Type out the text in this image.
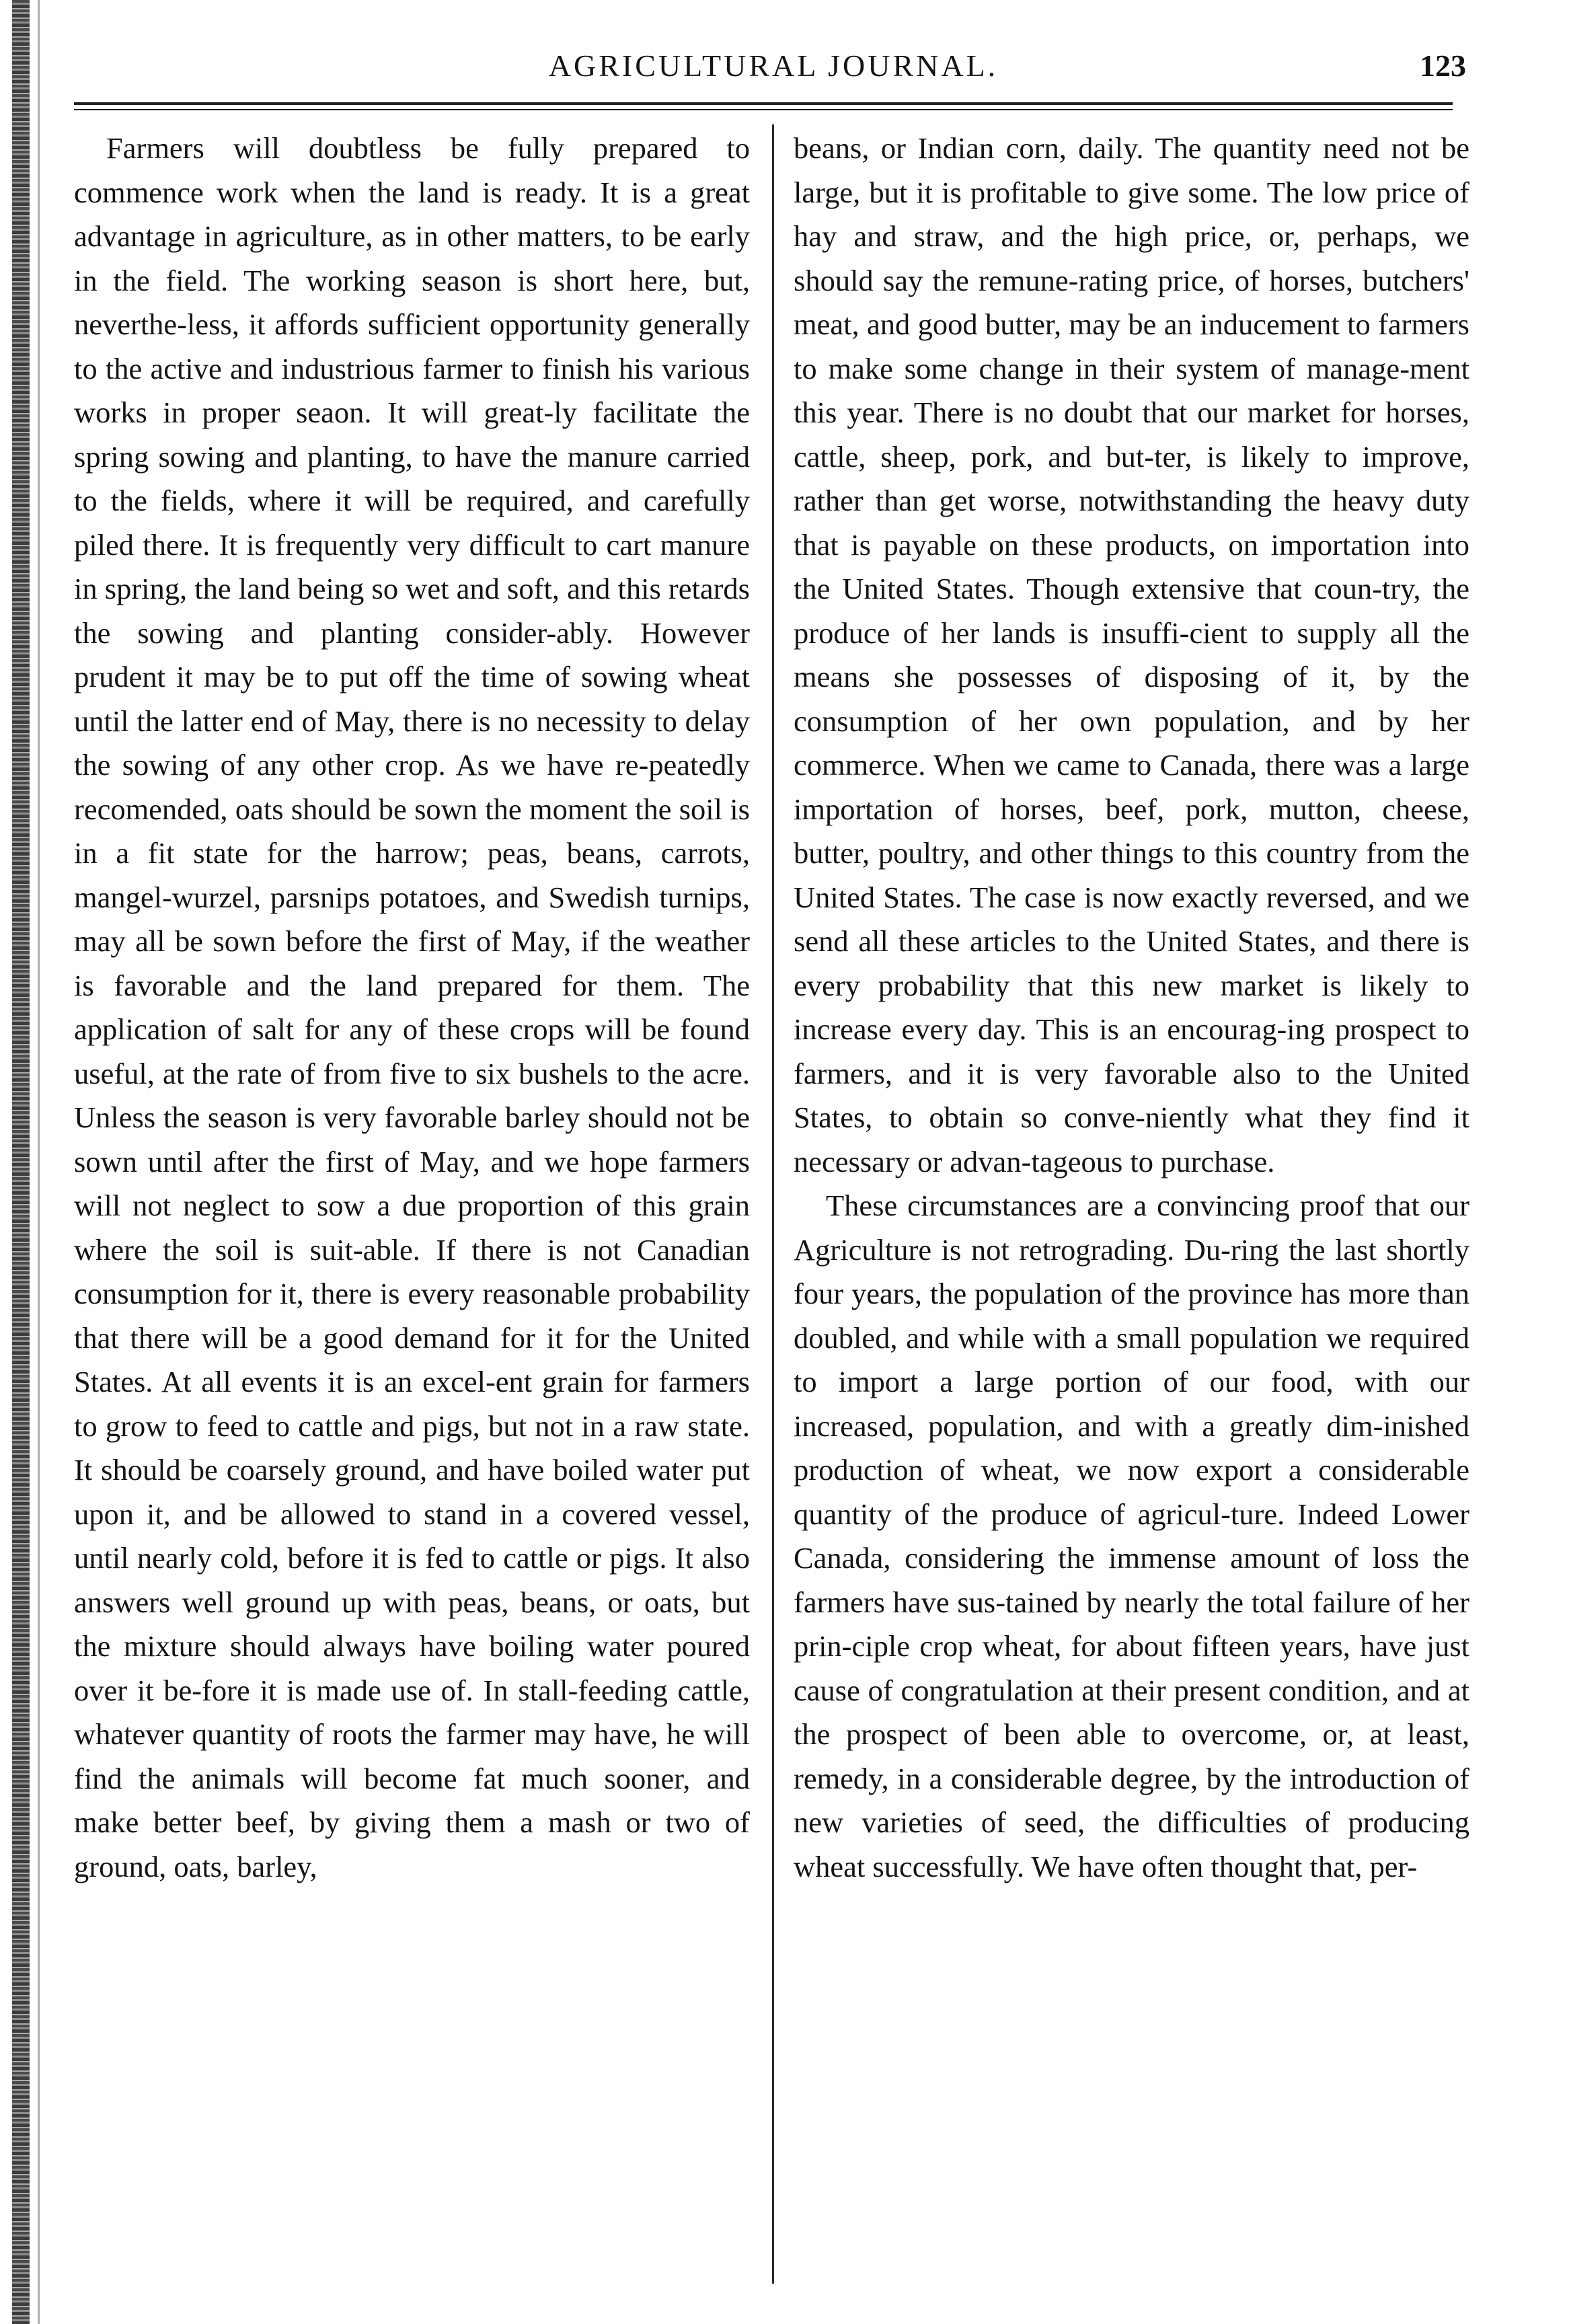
AGRICULTURAL JOURNAL.	123

Farmers will doubtless be fully prepared to commence work when the land is ready. It is a great advantage in agriculture, as in other matters, to be early in the field. The working season is short here, but, neverthe-less, it affords sufficient opportunity generally to the active and industrious farmer to finish his various works in proper seaon. It will great-ly facilitate the spring sowing and planting, to have the manure carried to the fields, where it will be required, and carefully piled there. It is frequently very difficult to cart manure in spring, the land being so wet and soft, and this retards the sowing and planting consider-ably. However prudent it may be to put off the time of sowing wheat until the latter end of May, there is no necessity to delay the sowing of any other crop. As we have re-peatedly recomended, oats should be sown the moment the soil is in a fit state for the harrow; peas, beans, carrots, mangel-wurzel, parsnips potatoes, and Swedish turnips, may all be sown before the first of May, if the weather is favorable and the land prepared for them. The application of salt for any of these crops will be found useful, at the rate of from five to six bushels to the acre. Unless the season is very favorable barley should not be sown until after the first of May, and we hope farmers will not neglect to sow a due proportion of this grain where the soil is suit-able. If there is not Canadian consumption for it, there is every reasonable probability that there will be a good demand for it for the United States. At all events it is an excel-ent grain for farmers to grow to feed to cattle and pigs, but not in a raw state. It should be coarsely ground, and have boiled water put upon it, and be allowed to stand in a covered vessel, until nearly cold, before it is fed to cattle or pigs. It also answers well ground up with peas, beans, or oats, but the mixture should always have boiling water poured over it be-fore it is made use of. In stall-feeding cattle, whatever quantity of roots the farmer may have, he will find the animals will become fat much sooner, and make better beef, by giving them a mash or two of ground, oats, barley,

beans, or Indian corn, daily. The quantity need not be large, but it is profitable to give some. The low price of hay and straw, and the high price, or, perhaps, we should say the remune-rating price, of horses, butchers' meat, and good butter, may be an inducement to farmers to make some change in their system of manage-ment this year. There is no doubt that our market for horses, cattle, sheep, pork, and but-ter, is likely to improve, rather than get worse, notwithstanding the heavy duty that is payable on these products, on importation into the United States. Though extensive that coun-try, the produce of her lands is insuffi-cient to supply all the means she possesses of disposing of it, by the consumption of her own population, and by her commerce. When we came to Canada, there was a large importation of horses, beef, pork, mutton, cheese, butter, poultry, and other things to this country from the United States. The case is now exactly reversed, and we send all these articles to the United States, and there is every probability that this new market is likely to increase every day. This is an encourag-ing prospect to farmers, and it is very favorable also to the United States, to obtain so conve-niently what they find it necessary or advan-tageous to purchase.

These circumstances are a convincing proof that our Agriculture is not retrograding. Du-ring the last shortly four years, the population of the province has more than doubled, and while with a small population we required to import a large portion of our food, with our increased, population, and with a greatly dim-inished production of wheat, we now export a considerable quantity of the produce of agricul-ture. Indeed Lower Canada, considering the immense amount of loss the farmers have sus-tained by nearly the total failure of her prin-ciple crop wheat, for about fifteen years, have just cause of congratulation at their present condition, and at the prospect of been able to overcome, or, at least, remedy, in a considerable degree, by the introduction of new varieties of seed, the difficulties of producing wheat successfully. We have often thought that, per-
